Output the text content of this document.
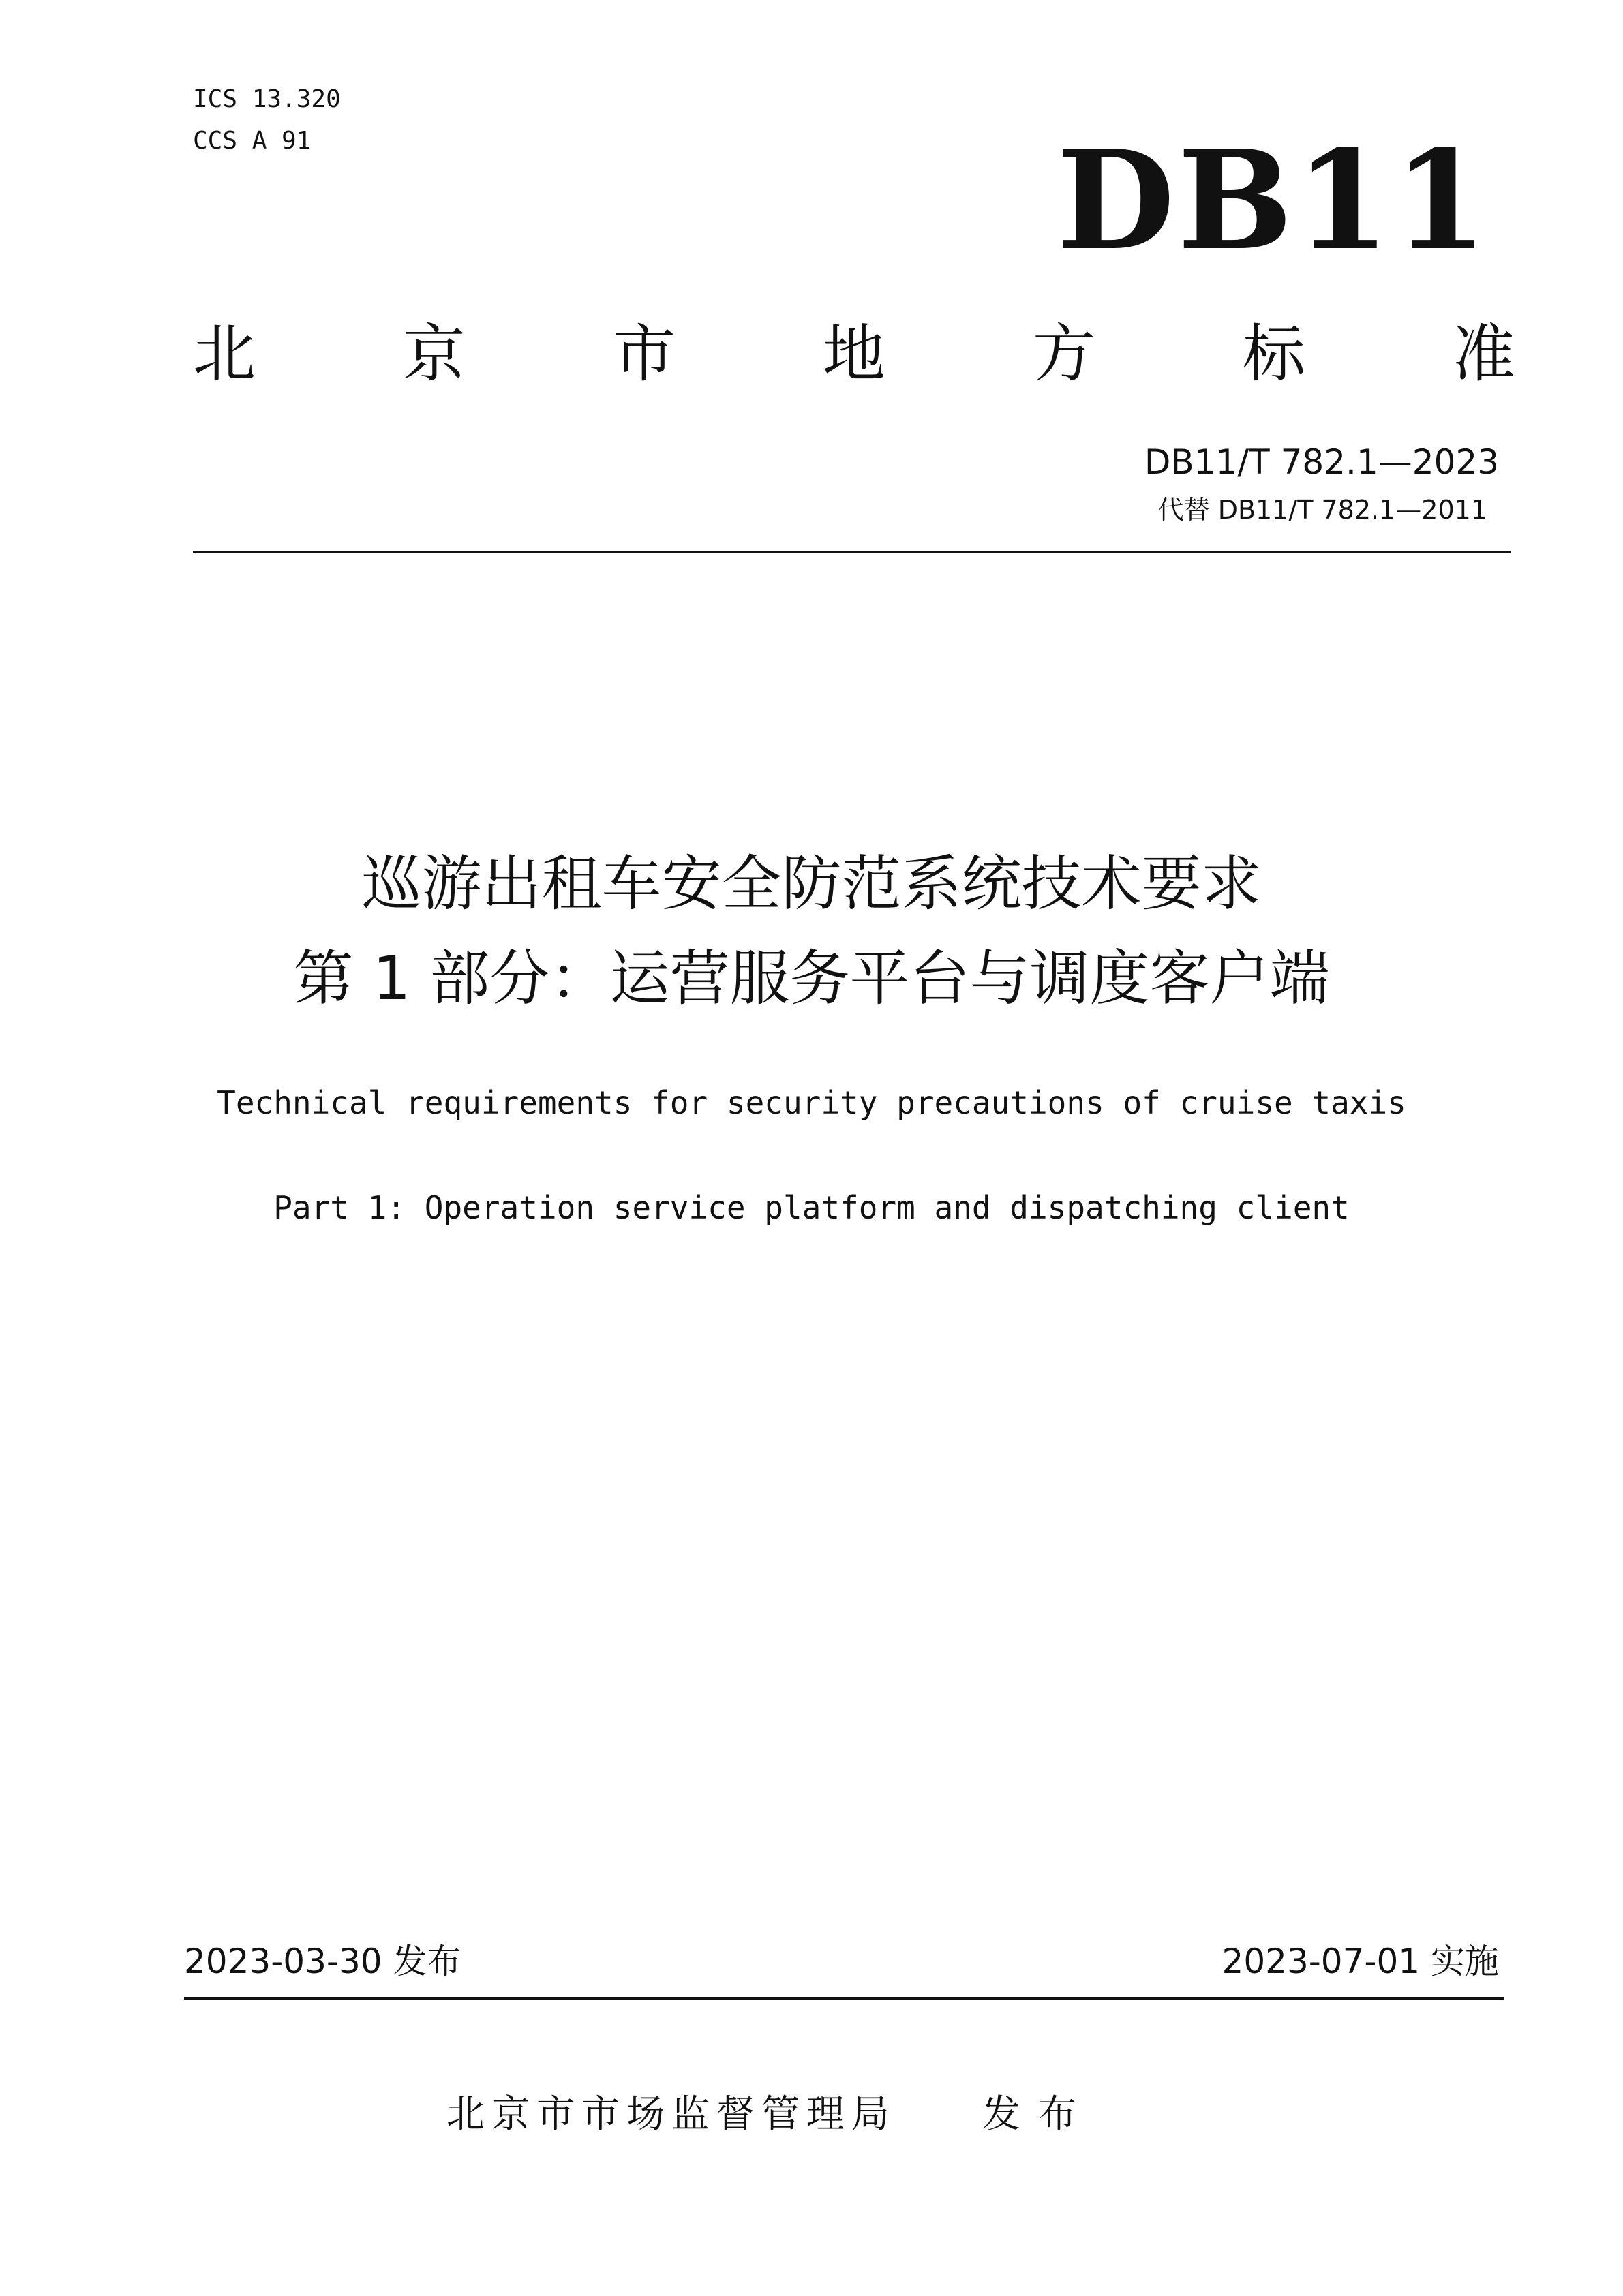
ICS 13.320
CCS A 91	DB11
北 京 市 地 方 标 准
DB11/T 782.1—2023
代替 DB11/T 782.1—2011
巡游出租车安全防范系统技术要求
第 1 部分：运营服务平台与调度客户端
Technical requirements for security precautions of cruise taxis
Part 1: Operation service platform and dispatching client
2023-03-30 发布	2023-07-01 实施
北京市市场监督管理局 发布
